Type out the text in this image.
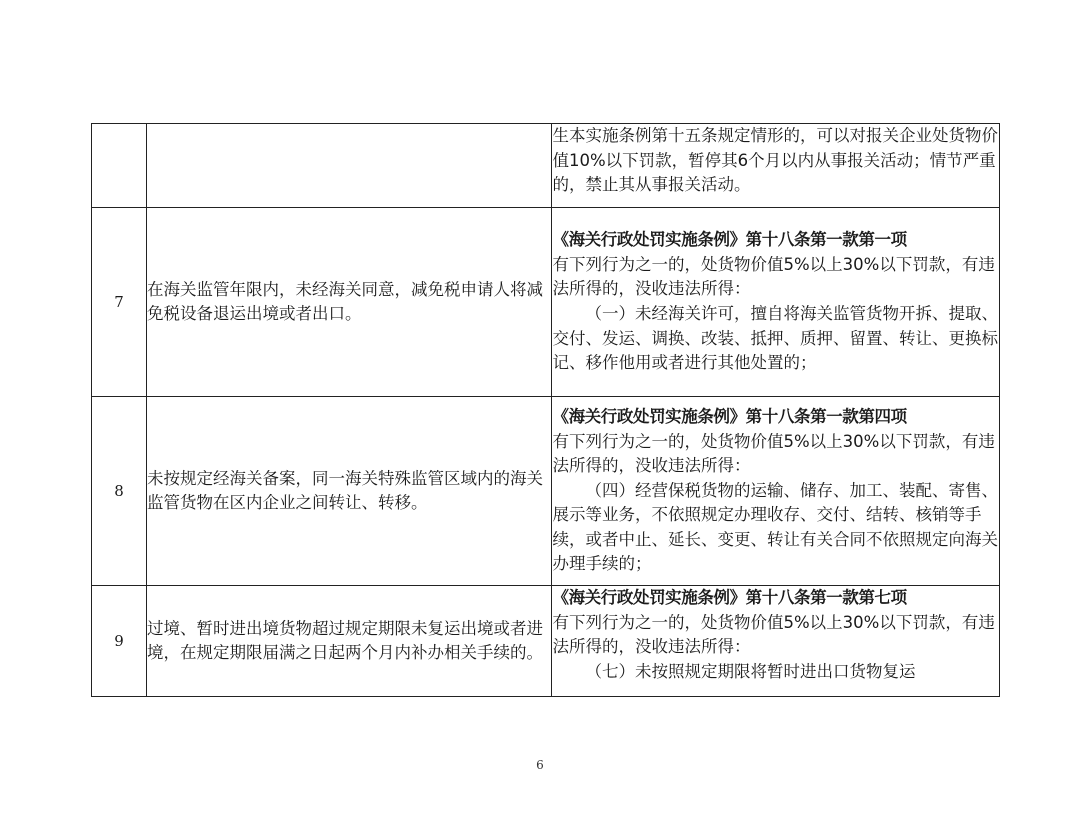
		生本实施条例第十五条规定情形的，可以对报关企业处货物价值10%以下罚款，暂停其6个月以内从事报关活动；情节严重的，禁止其从事报关活动。

7	在海关监管年限内，未经海关同意，减免税申请人将减免税设备退运出境或者出口。	《海关行政处罚实施条例》第十八条第一款第一项
有下列行为之一的，处货物价值5%以上30%以下罚款，有违法所得的，没收违法所得：
（一）未经海关许可，擅自将海关监管货物开拆、提取、交付、发运、调换、改装、抵押、质押、留置、转让、更换标记、移作他用或者进行其他处置的；

8	未按规定经海关备案，同一海关特殊监管区域内的海关监管货物在区内企业之间转让、转移。	《海关行政处罚实施条例》第十八条第一款第四项
有下列行为之一的，处货物价值5%以上30%以下罚款，有违法所得的，没收违法所得：
（四）经营保税货物的运输、储存、加工、装配、寄售、展示等业务，不依照规定办理收存、交付、结转、核销等手续，或者中止、延长、变更、转让有关合同不依照规定向海关办理手续的；

9	过境、暂时进出境货物超过规定期限未复运出境或者进境，在规定期限届满之日起两个月内补办相关手续的。	《海关行政处罚实施条例》第十八条第一款第七项
有下列行为之一的，处货物价值5%以上30%以下罚款，有违法所得的，没收违法所得：
（七）未按照规定期限将暂时进出口货物复运
6
